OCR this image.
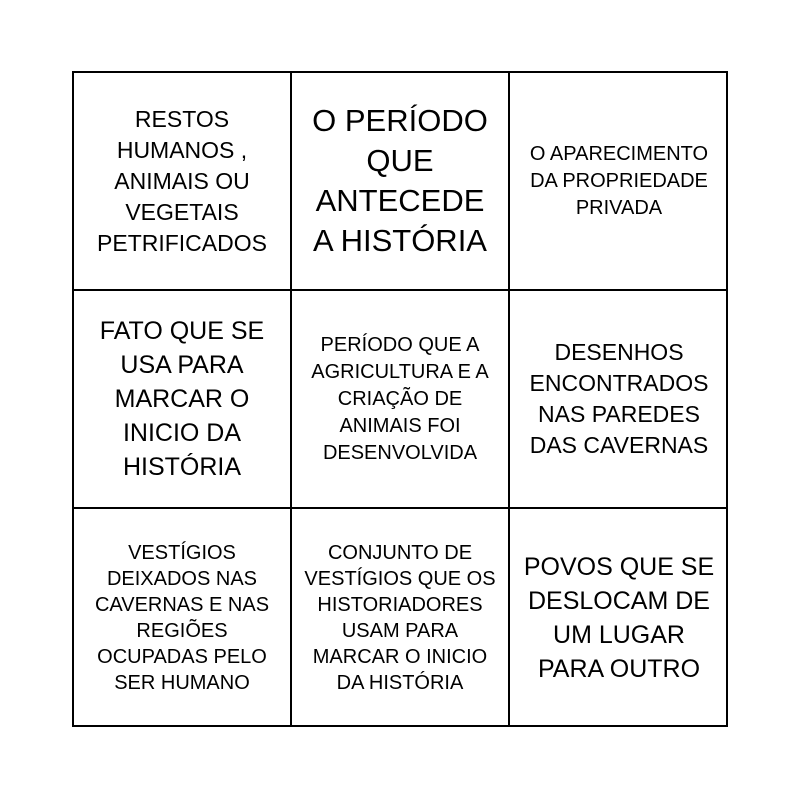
RESTOS HUMANOS , ANIMAIS OU VEGETAIS PETRIFICADOS
O PERÍODO QUE ANTECEDE A HISTÓRIA
O APARECIMENTO DA PROPRIEDADE PRIVADA
FATO QUE SE USA PARA MARCAR O INICIO DA HISTÓRIA
PERÍODO QUE A AGRICULTURA E A CRIAÇÃO DE ANIMAIS FOI DESENVOLVIDA
DESENHOS ENCONTRADOS NAS PAREDES DAS CAVERNAS
VESTÍGIOS DEIXADOS NAS CAVERNAS E NAS REGIÕES OCUPADAS PELO SER HUMANO
CONJUNTO DE VESTÍGIOS QUE OS HISTORIADORES USAM PARA MARCAR O INICIO DA HISTÓRIA
POVOS QUE SE DESLOCAM DE UM LUGAR PARA OUTRO
